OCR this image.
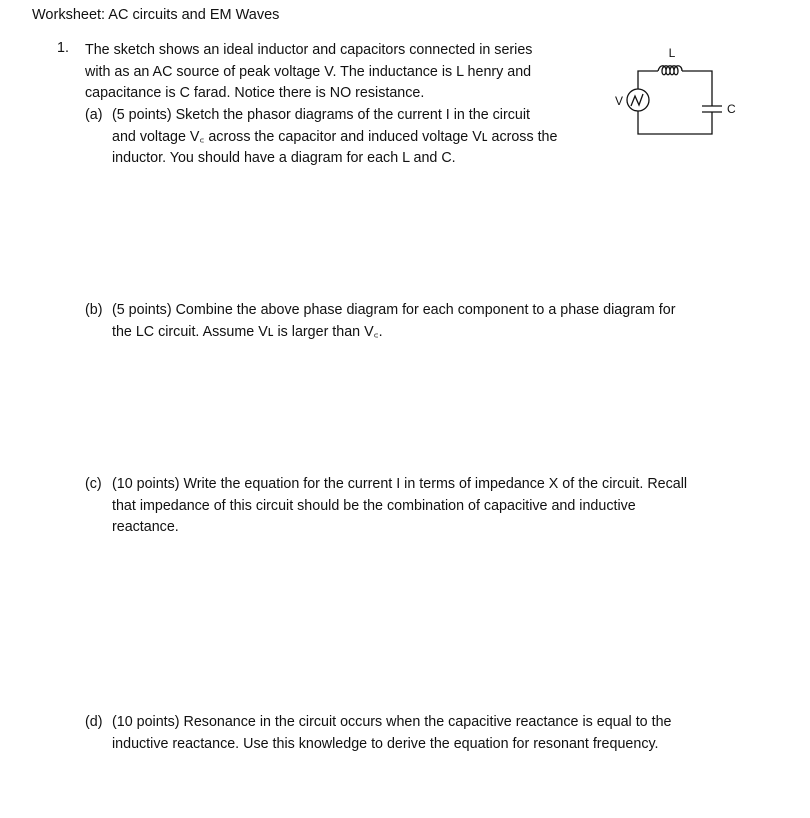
Worksheet: AC circuits and EM Waves
1. The sketch shows an ideal inductor and capacitors connected in series
with as an AC source of peak voltage V. The inductance is L henry and
capacitance is C farad. Notice there is NO resistance.
(a) (5 points) Sketch the phasor diagrams of the current I in the circuit
and voltage V꜀ across the capacitor and induced voltage Vʟ across the
inductor. You should have a diagram for each L and C.
(b) (5 points) Combine the above phase diagram for each component to a phase diagram for
the LC circuit. Assume Vʟ is larger than V꜀.
(c) (10 points) Write the equation for the current I in terms of impedance X of the circuit. Recall
that impedance of this circuit should be the combination of capacitive and inductive
reactance.
(d) (10 points) Resonance in the circuit occurs when the capacitive reactance is equal to the
inductive reactance. Use this knowledge to derive the equation for resonant frequency.
L
C
V
